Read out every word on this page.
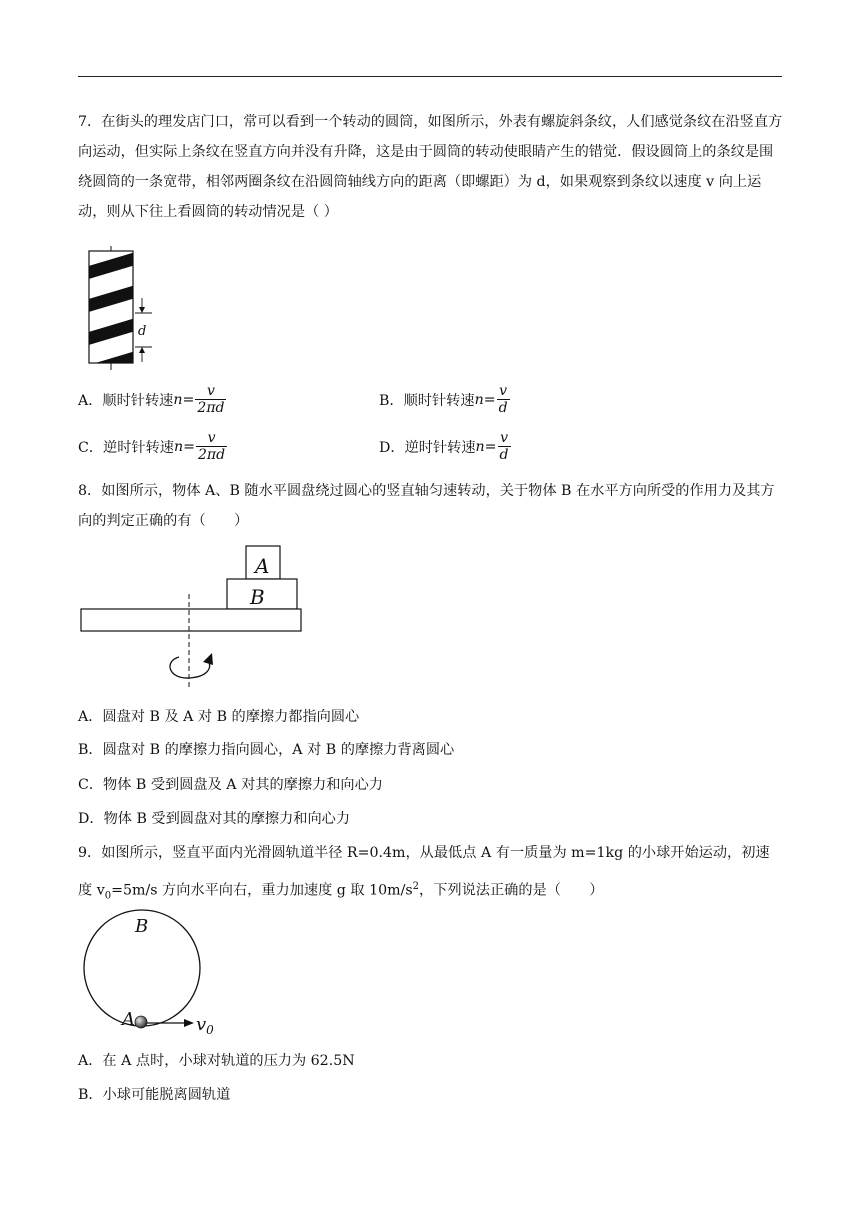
7．在街头的理发店门口，常可以看到一个转动的圆筒，如图所示，外表有螺旋斜条纹，人们感觉条纹在沿竖直方向运动，但实际上条纹在竖直方向并没有升降，这是由于圆筒的转动使眼睛产生的错觉．假设圆筒上的条纹是围绕圆筒的一条宽带，相邻两圈条纹在沿圆筒轴线方向的距离（即螺距）为 d，如果观察到条纹以速度 v 向上运动，则从下往上看圆筒的转动情况是（ ）
d
A．顺时针转速 $n= \frac{v}{2\pi d}$	B．顺时针转速 $n= \frac{v}{d}$
C．逆时针转速 $n= \frac{v}{2\pi d}$	D．逆时针转速 $n= \frac{v}{d}$
8．如图所示，物体 A、B 随水平圆盘绕过圆心的竖直轴匀速转动，关于物体 B 在水平方向所受的作用力及其方向的判定正确的有（　　）
A
B
A．圆盘对 B 及 A 对 B 的摩擦力都指向圆心
B．圆盘对 B 的摩擦力指向圆心，A 对 B 的摩擦力背离圆心
C．物体 B 受到圆盘及 A 对其的摩擦力和向心力
D．物体 B 受到圆盘对其的摩擦力和向心力
9．如图所示，竖直平面内光滑圆轨道半径 R=0.4m，从最低点 A 有一质量为 m=1kg 的小球开始运动，初速
度 $v_0=5m/s$ 方向水平向右，重力加速度 g 取 $10m/s^2$，下列说法正确的是（　　）
B
A	$v_0$
A．在 A 点时，小球对轨道的压力为 62.5N
B．小球可能脱离圆轨道
